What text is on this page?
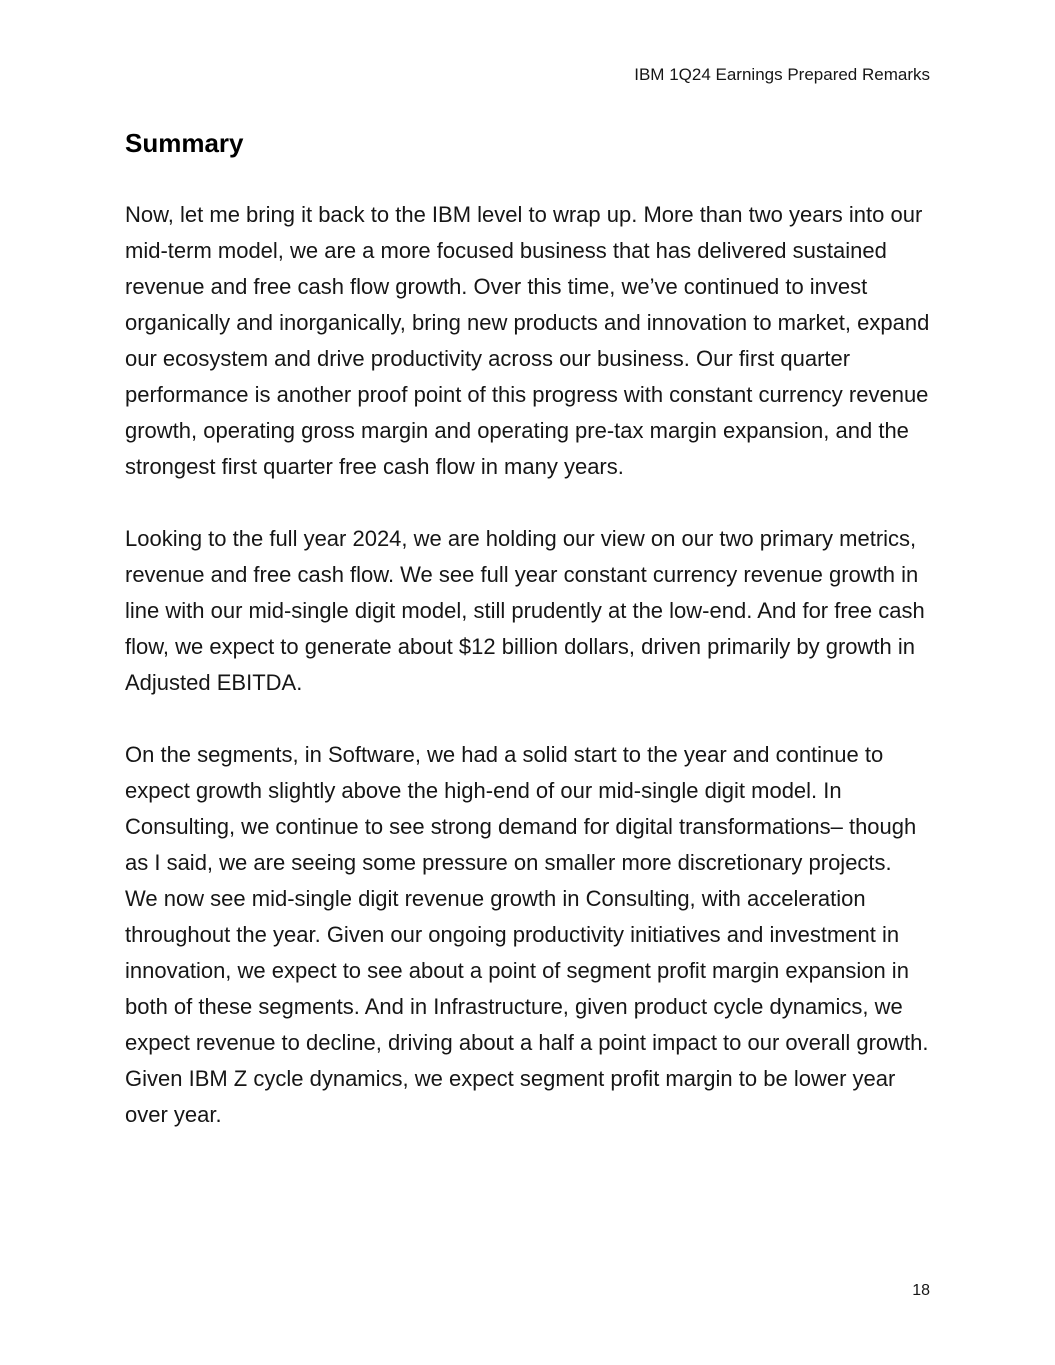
IBM 1Q24 Earnings Prepared Remarks
Summary

Now, let me bring it back to the IBM level to wrap up. More than two years into our mid-term model, we are a more focused business that has delivered sustained revenue and free cash flow growth. Over this time, we’ve continued to invest organically and inorganically, bring new products and innovation to market, expand our ecosystem and drive productivity across our business. Our first quarter performance is another proof point of this progress with constant currency revenue growth, operating gross margin and operating pre-tax margin expansion, and the strongest first quarter free cash flow in many years.

Looking to the full year 2024, we are holding our view on our two primary metrics, revenue and free cash flow. We see full year constant currency revenue growth in line with our mid-single digit model, still prudently at the low-end. And for free cash flow, we expect to generate about $12 billion dollars, driven primarily by growth in Adjusted EBITDA.

On the segments, in Software, we had a solid start to the year and continue to expect growth slightly above the high-end of our mid-single digit model. In Consulting, we continue to see strong demand for digital transformations– though as I said, we are seeing some pressure on smaller more discretionary projects. We now see mid-single digit revenue growth in Consulting, with acceleration throughout the year. Given our ongoing productivity initiatives and investment in innovation, we expect to see about a point of segment profit margin expansion in both of these segments. And in Infrastructure, given product cycle dynamics, we expect revenue to decline, driving about a half a point impact to our overall growth. Given IBM Z cycle dynamics, we expect segment profit margin to be lower year over year.

18
